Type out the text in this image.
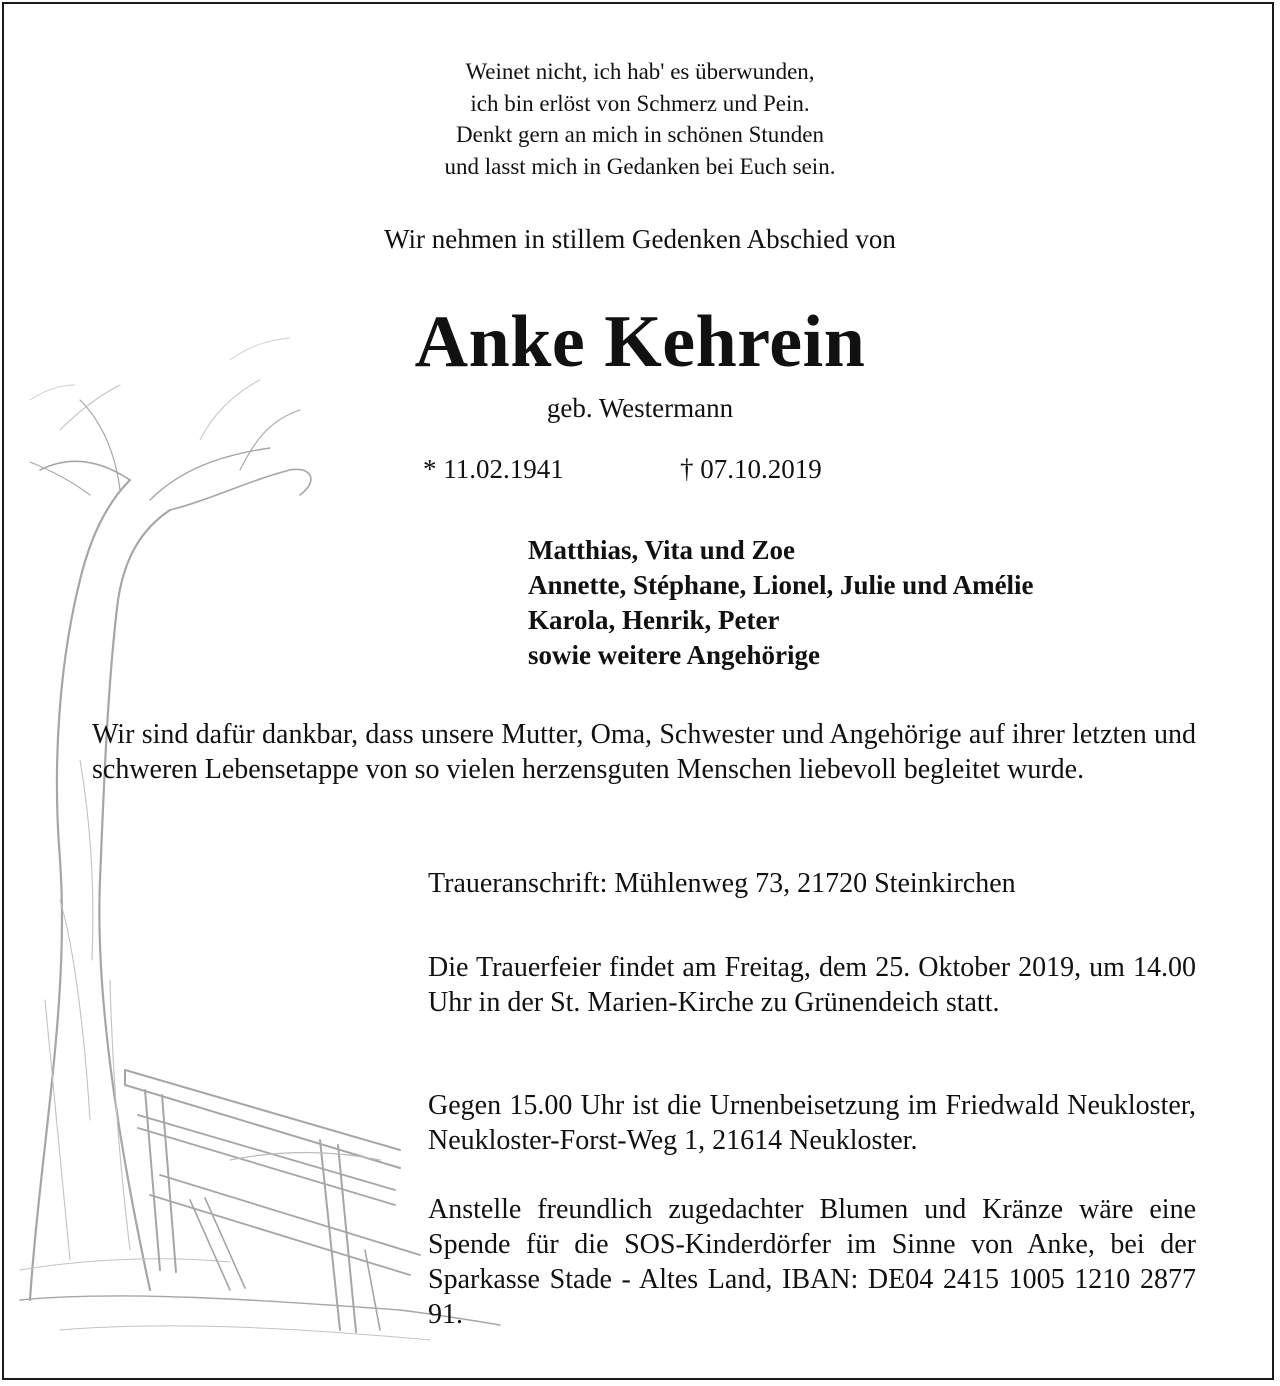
Weinet nicht, ich hab' es überwunden,
ich bin erlöst von Schmerz und Pein.
Denkt gern an mich in schönen Stunden
und lasst mich in Gedanken bei Euch sein.
Wir nehmen in stillem Gedenken Abschied von
Anke Kehrein
geb. Westermann
* 11.02.1941	† 07.10.2019
Matthias, Vita und Zoe
Annette, Stéphane, Lionel, Julie und Amélie
Karola, Henrik, Peter
sowie weitere Angehörige
Wir sind dafür dankbar, dass unsere Mutter, Oma, Schwester und Angehörige auf ihrer letzten und schweren Lebensetappe von so vielen herzensguten Menschen liebevoll begleitet wurde.
Traueranschrift: Mühlenweg 73, 21720 Steinkirchen
Die Trauerfeier findet am Freitag, dem 25. Oktober 2019, um 14.00 Uhr in der St. Marien-Kirche zu Grünendeich statt.
Gegen 15.00 Uhr ist die Urnenbeisetzung im Friedwald Neukloster, Neukloster-Forst-Weg 1, 21614 Neukloster.
Anstelle freundlich zugedachter Blumen und Kränze wäre eine Spende für die SOS-Kinderdörfer im Sinne von Anke, bei der Sparkasse Stade - Altes Land, IBAN: DE04 2415 1005 1210 2877 91.
